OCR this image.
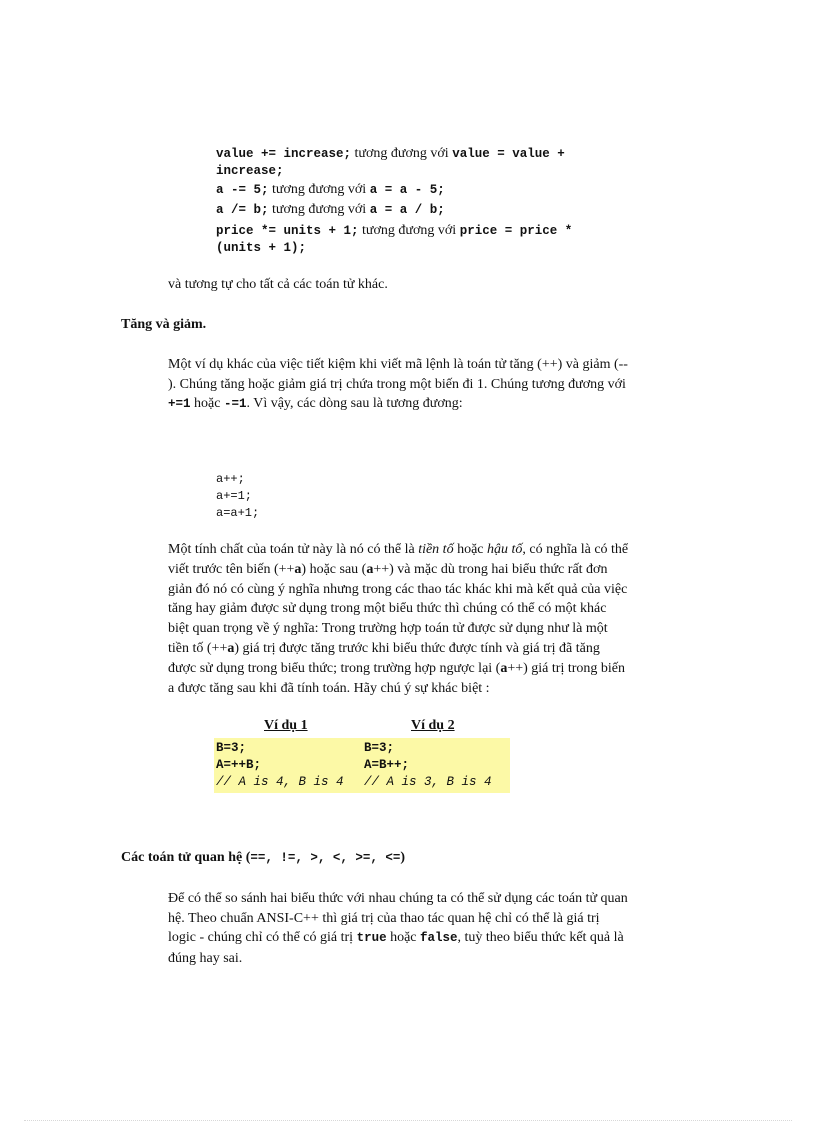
value += increase; tương đương với value = value +
increase;
a -= 5; tương đương với a = a - 5;
a /= b; tương đương với a = a / b;
price *= units + 1; tương đương với price = price *
(units + 1);
và tương tự cho tất cả các toán tử khác.
Tăng và giảm.
Một ví dụ khác của việc tiết kiệm khi viết mã lệnh là toán tử tăng (++) và giảm (--
). Chúng tăng hoặc giảm giá trị chứa trong một biến đi 1. Chúng tương đương với
+=1 hoặc -=1. Vì vậy, các dòng sau là tương đương:
a++;
a+=1;
a=a+1;
Một tính chất của toán tử này là nó có thể là tiền tố hoặc hậu tố, có nghĩa là có thể
viết trước tên biến (++a) hoặc sau (a++) và mặc dù trong hai biểu thức rất đơn
giản đó nó có cùng ý nghĩa nhưng trong các thao tác khác khi mà kết quả của việc
tăng hay giảm được sử dụng trong một biểu thức thì chúng có thể có một khác
biệt quan trọng về ý nghĩa: Trong trường hợp toán tử được sử dụng như là một
tiền tố (++a) giá trị được tăng trước khi biểu thức được tính và giá trị đã tăng
được sử dụng trong biểu thức; trong trường hợp ngược lại (a++) giá trị trong biến
a được tăng sau khi đã tính toán. Hãy chú ý sự khác biệt :
Ví dụ 1	Ví dụ 2
B=3;	B=3;
A=++B;	A=B++;
// A is 4, B is 4	// A is 3, B is 4
Các toán tử quan hệ (==, !=, >, <, >=, <=)
Để có thể so sánh hai biểu thức với nhau chúng ta có thể sử dụng các toán tử quan
hệ. Theo chuẩn ANSI-C++ thì giá trị của thao tác quan hệ chỉ có thể là giá trị
logic - chúng chỉ có thể có giá trị true hoặc false, tuỳ theo biểu thức kết quả là
đúng hay sai.
